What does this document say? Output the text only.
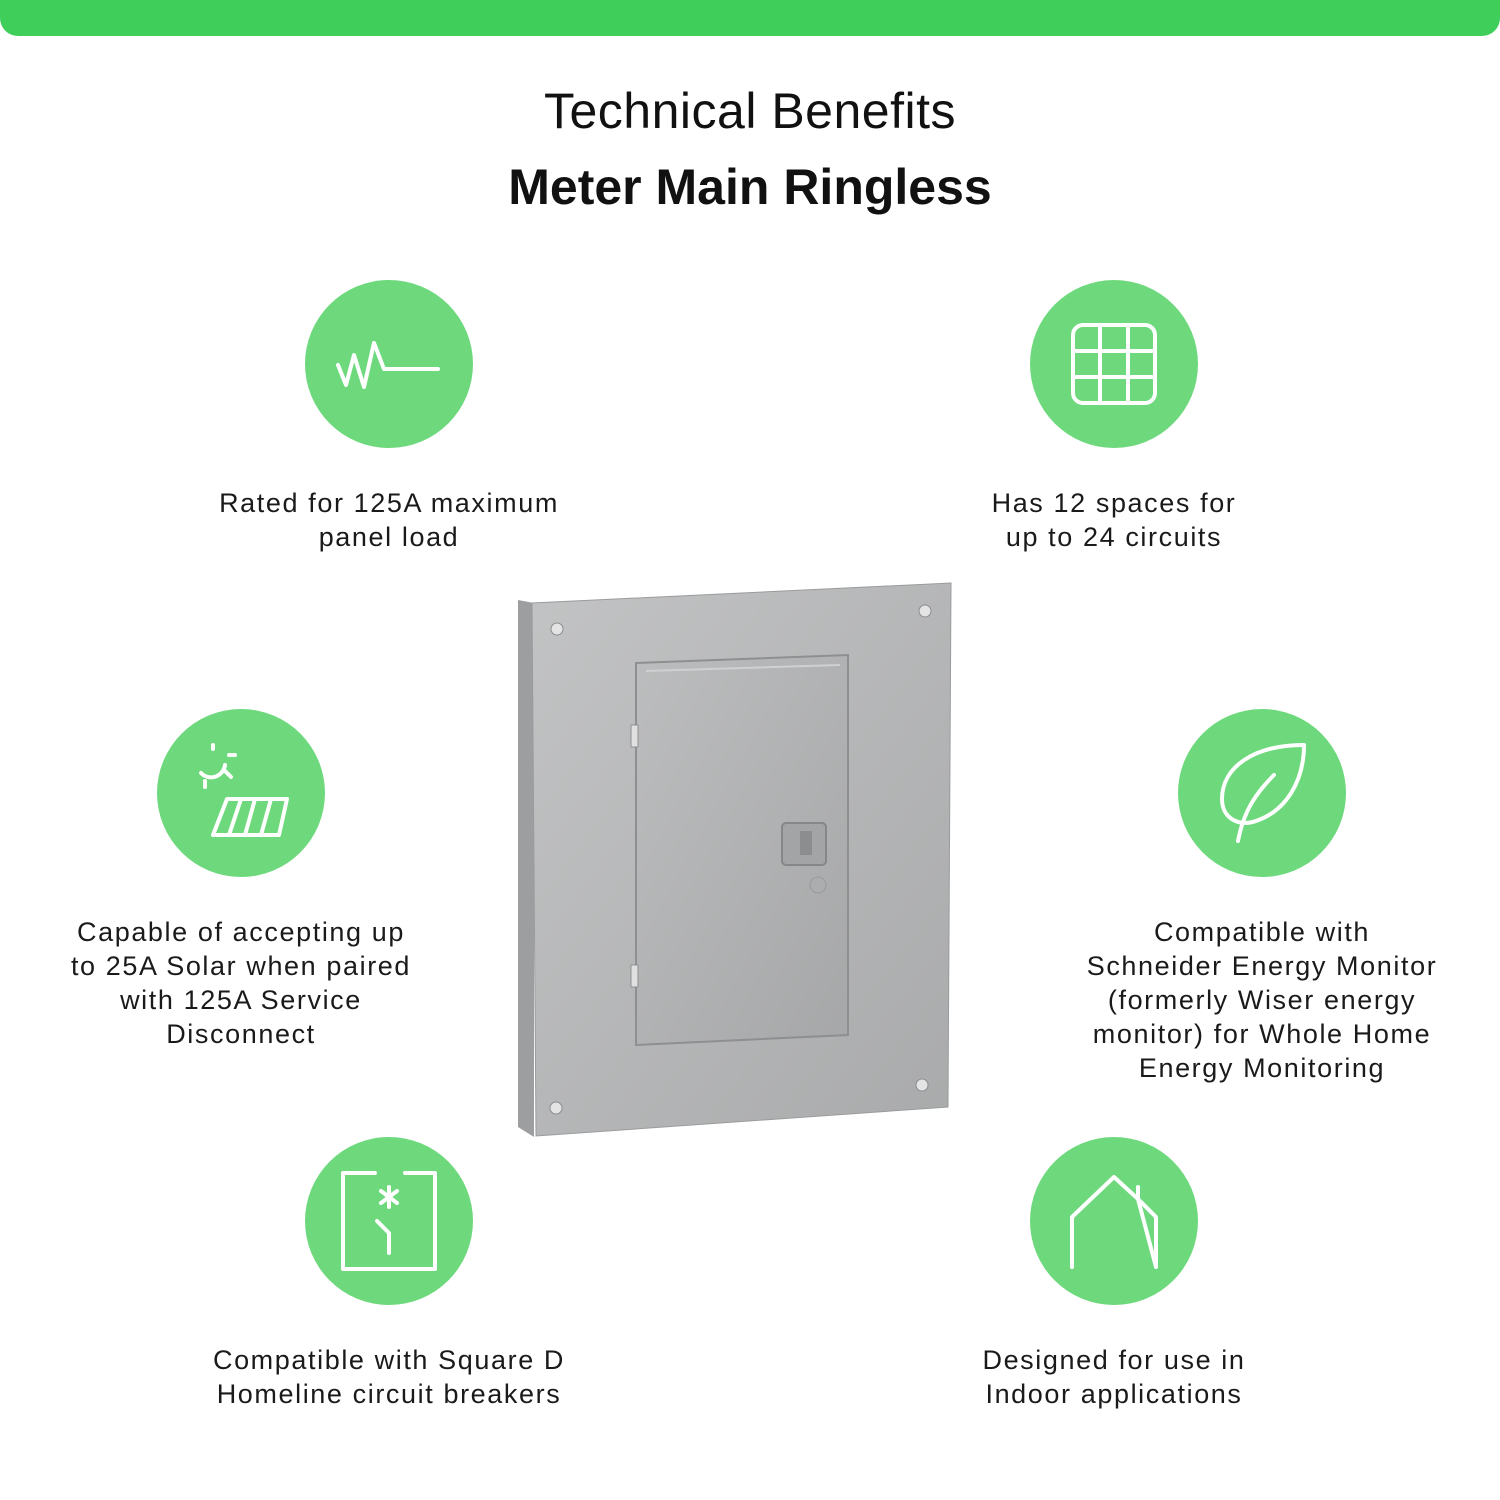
Technical Benefits
Meter Main Ringless
Rated for 125A maximum
panel load
Has 12 spaces for
up to 24 circuits
Capable of accepting up
to 25A Solar when paired
with 125A Service
Disconnect
Compatible with
Schneider Energy Monitor
(formerly Wiser energy
monitor) for Whole Home
Energy Monitoring
Compatible with Square D
Homeline circuit breakers
Designed for use in
Indoor applications
